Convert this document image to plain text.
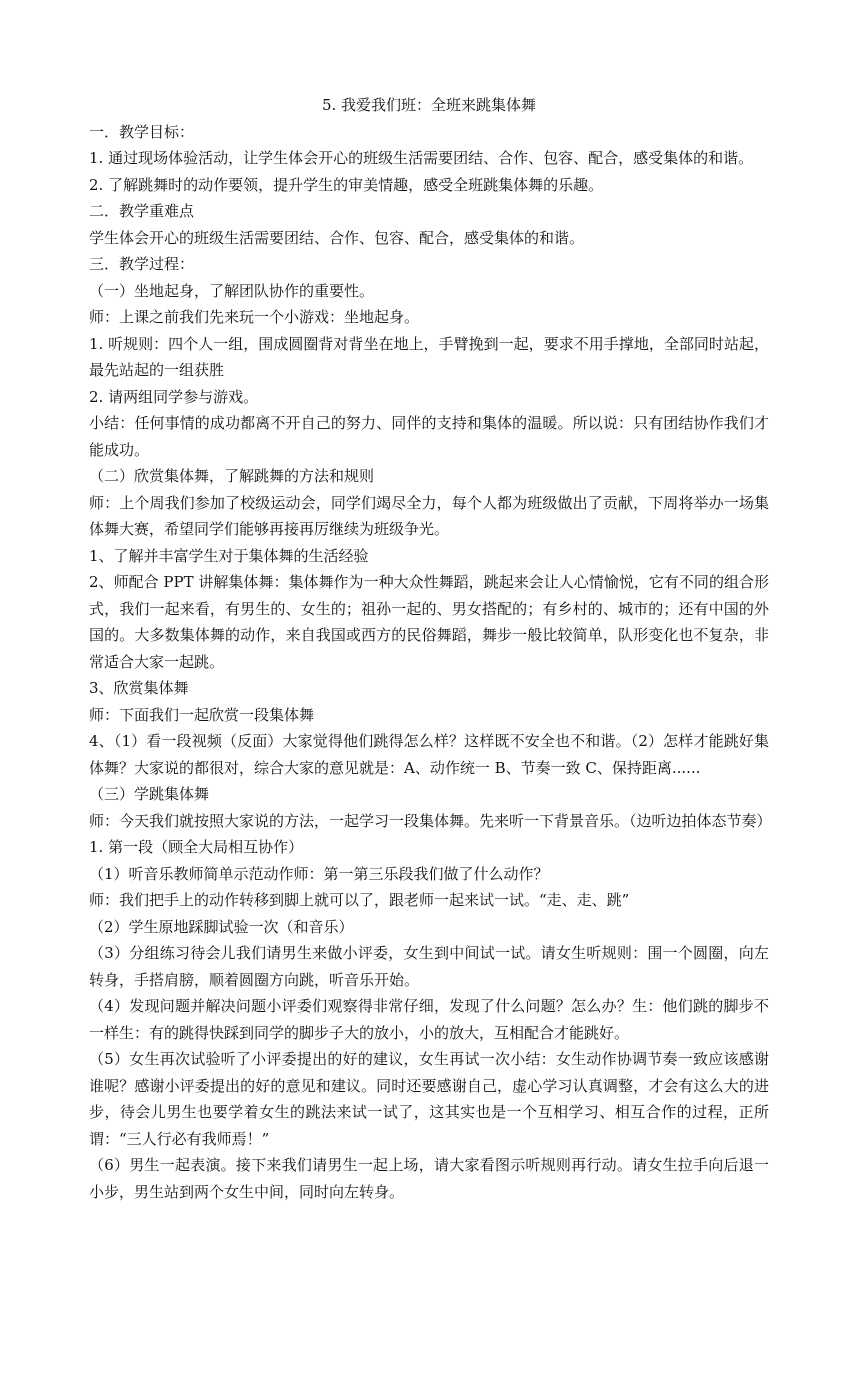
5. 我爱我们班：全班来跳集体舞

一．教学目标：

1. 通过现场体验活动，让学生体会开心的班级生活需要团结、合作、包容、配合，感受集体的和谐。

2. 了解跳舞时的动作要领，提升学生的审美情趣，感受全班跳集体舞的乐趣。

二．教学重难点

学生体会开心的班级生活需要团结、合作、包容、配合，感受集体的和谐。

三．教学过程：

（一）坐地起身，了解团队协作的重要性。

师：上课之前我们先来玩一个小游戏：坐地起身。

1. 听规则：四个人一组，围成圆圈背对背坐在地上，手臂挽到一起，要求不用手撑地，全部同时站起，最先站起的一组获胜

2. 请两组同学参与游戏。

小结：任何事情的成功都离不开自己的努力、同伴的支持和集体的温暖。所以说：只有团结协作我们才能成功。

（二）欣赏集体舞，了解跳舞的方法和规则

师：上个周我们参加了校级运动会，同学们竭尽全力，每个人都为班级做出了贡献，下周将举办一场集体舞大赛，希望同学们能够再接再厉继续为班级争光。

1、了解并丰富学生对于集体舞的生活经验

2、师配合 PPT 讲解集体舞：集体舞作为一种大众性舞蹈，跳起来会让人心情愉悦，它有不同的组合形式，我们一起来看，有男生的、女生的；祖孙一起的、男女搭配的；有乡村的、城市的；还有中国的外国的。大多数集体舞的动作，来自我国或西方的民俗舞蹈，舞步一般比较简单，队形变化也不复杂，非常适合大家一起跳。

3、欣赏集体舞

师：下面我们一起欣赏一段集体舞

4、（1）看一段视频（反面）大家觉得他们跳得怎么样？这样既不安全也不和谐。（2）怎样才能跳好集体舞？大家说的都很对，综合大家的意见就是：A、动作统一 B、节奏一致 C、保持距离......

（三）学跳集体舞

师：今天我们就按照大家说的方法，一起学习一段集体舞。先来听一下背景音乐。（边听边拍体态节奏）

1. 第一段（顾全大局相互协作）

（1）听音乐教师简单示范动作师：第一第三乐段我们做了什么动作？

师：我们把手上的动作转移到脚上就可以了，跟老师一起来试一试。“走、走、跳”

（2）学生原地踩脚试验一次（和音乐）

（3）分组练习待会儿我们请男生来做小评委，女生到中间试一试。请女生听规则：围一个圆圈，向左转身，手搭肩膀，顺着圆圈方向跳，听音乐开始。

（4）发现问题并解决问题小评委们观察得非常仔细，发现了什么问题？怎么办？生：他们跳的脚步不一样生：有的跳得快踩到同学的脚步子大的放小，小的放大，互相配合才能跳好。

（5）女生再次试验听了小评委提出的好的建议，女生再试一次小结：女生动作协调节奏一致应该感谢谁呢？感谢小评委提出的好的意见和建议。同时还要感谢自己，虚心学习认真调整，才会有这么大的进步，待会儿男生也要学着女生的跳法来试一试了，这其实也是一个互相学习、相互合作的过程，正所谓：“三人行必有我师焉！”

（6）男生一起表演。接下来我们请男生一起上场，请大家看图示听规则再行动。请女生拉手向后退一小步，男生站到两个女生中间，同时向左转身。
